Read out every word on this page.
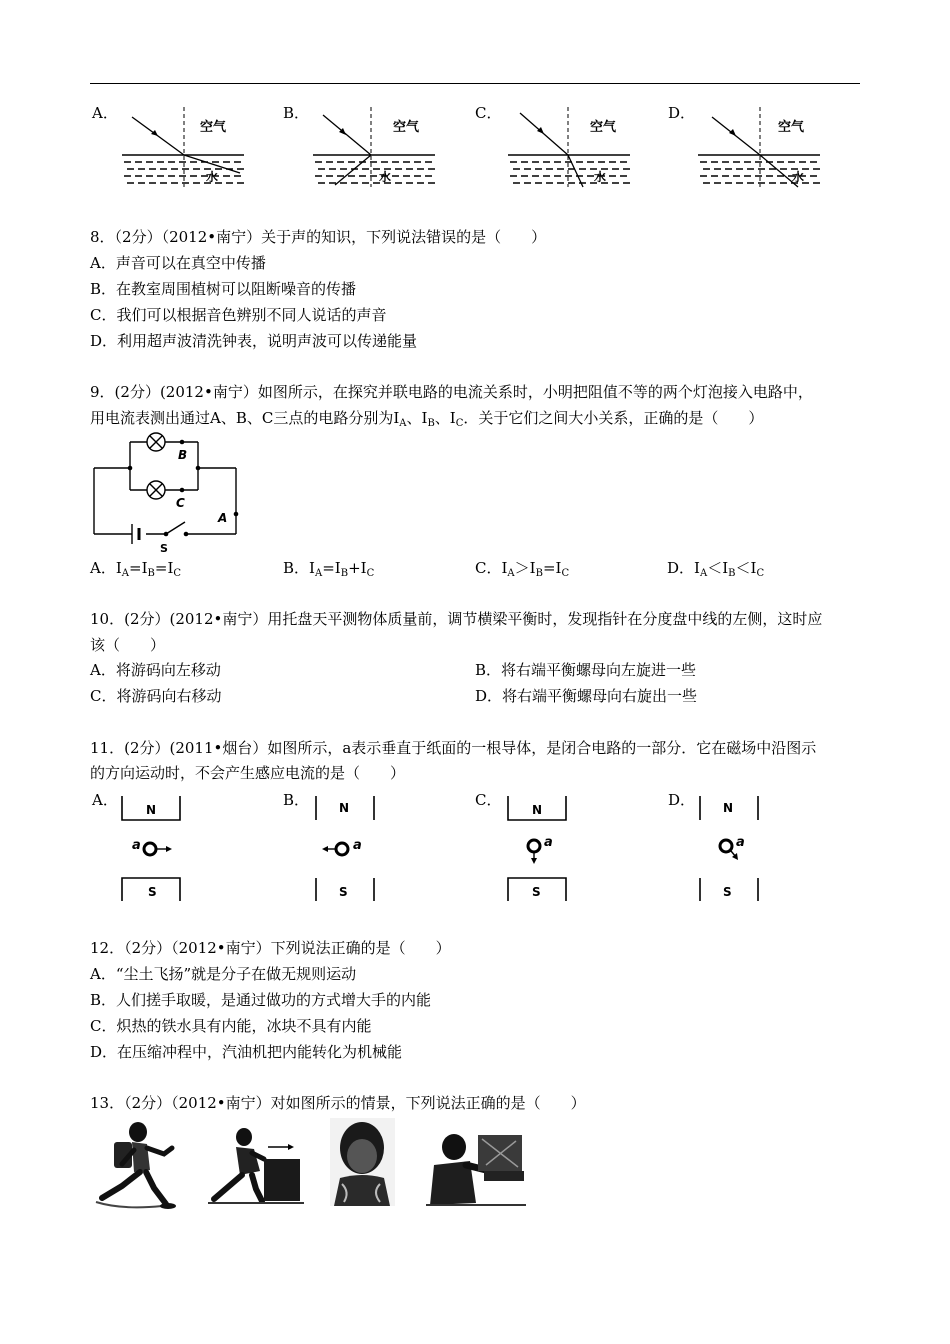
A．	B．	C．	D．
空气
水
空气
水
空气
水
空气
水
8．（2分）（2012•南宁）关于声的知识，下列说法错误的是（　　）
A．声音可以在真空中传播
B．在教室周围植树可以阻断噪音的传播
C．我们可以根据音色辨别不同人说话的声音
D．利用超声波清洗钟表，说明声波可以传递能量
9．(2分）(2012•南宁）如图所示，在探究并联电路的电流关系时，小明把阻值不等的两个灯泡接入电路中，
用电流表测出通过A、B、C三点的电路分别为$I_A$、$I_B$、$I_C$．关于它们之间大小关系，正确的是（　　）
B
C
A
S
A．$I_A=I_B=I_C$	B．$I_A=I_B+I_C$	C．$I_A>I_B=I_C$	D．$I_A<I_B<I_C$
10．(2分）(2012•南宁）用托盘天平测物体质量前，调节横梁平衡时，发现指针在分度盘中线的左侧，这时应
该（　　）
A．将游码向左移动	B．将右端平衡螺母向左旋进一些
C．将游码向右移动	D．将右端平衡螺母向右旋出一些
11．(2分）(2011•烟台）如图所示，a表示垂直于纸面的一根导体，是闭合电路的一部分．它在磁场中沿图示
的方向运动时，不会产生感应电流的是（　　）
A．	B．	C．	D．
N
a
S
N
a
S
N
a
S
N
a
S
12．（2分）（2012•南宁）下列说法正确的是（　　）
A．“尘土飞扬”就是分子在做无规则运动
B．人们搓手取暖，是通过做功的方式增大手的内能
C．炽热的铁水具有内能，冰块不具有内能
D．在压缩冲程中，汽油机把内能转化为机械能
13．（2分）（2012•南宁）对如图所示的情景，下列说法正确的是（　　）
